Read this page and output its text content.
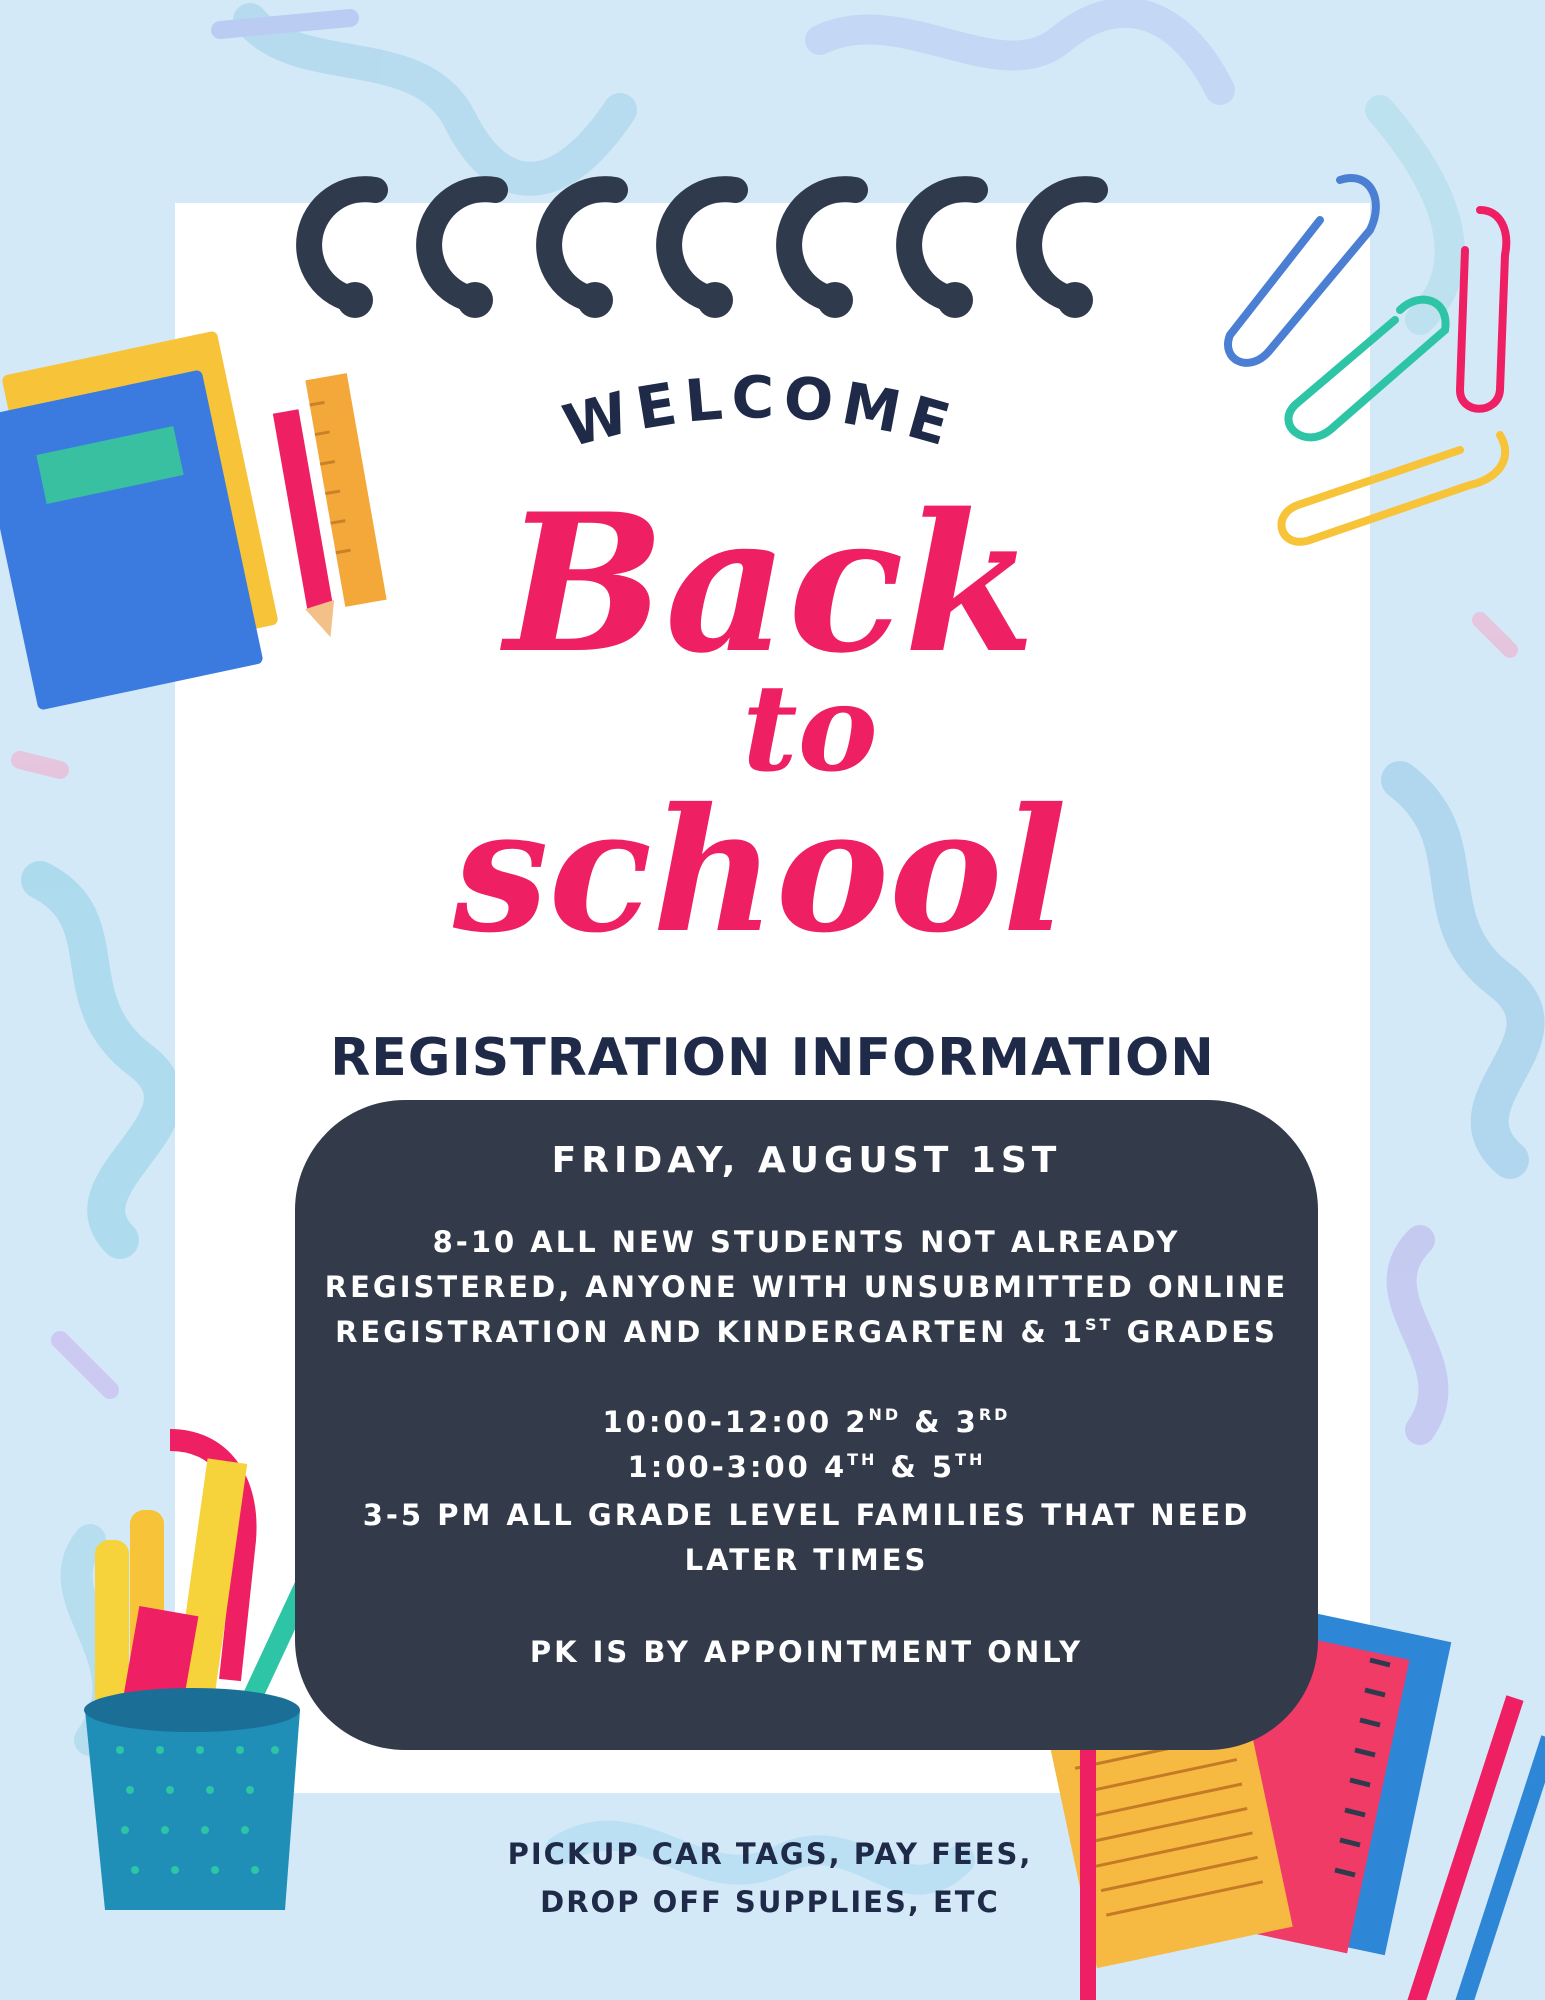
WELCOME
Back
to
school
REGISTRATION INFORMATION
FRIDAY, AUGUST 1ST
8-10 ALL NEW STUDENTS NOT ALREADY
REGISTERED, ANYONE WITH UNSUBMITTED ONLINE
REGISTRATION AND KINDERGARTEN & 1ST GRADES
10:00-12:00 2ND & 3RD
1:00-3:00 4TH & 5TH
3-5 PM ALL GRADE LEVEL FAMILIES THAT NEED
LATER TIMES
PK IS BY APPOINTMENT ONLY
PICKUP CAR TAGS, PAY FEES,
DROP OFF SUPPLIES, ETC
